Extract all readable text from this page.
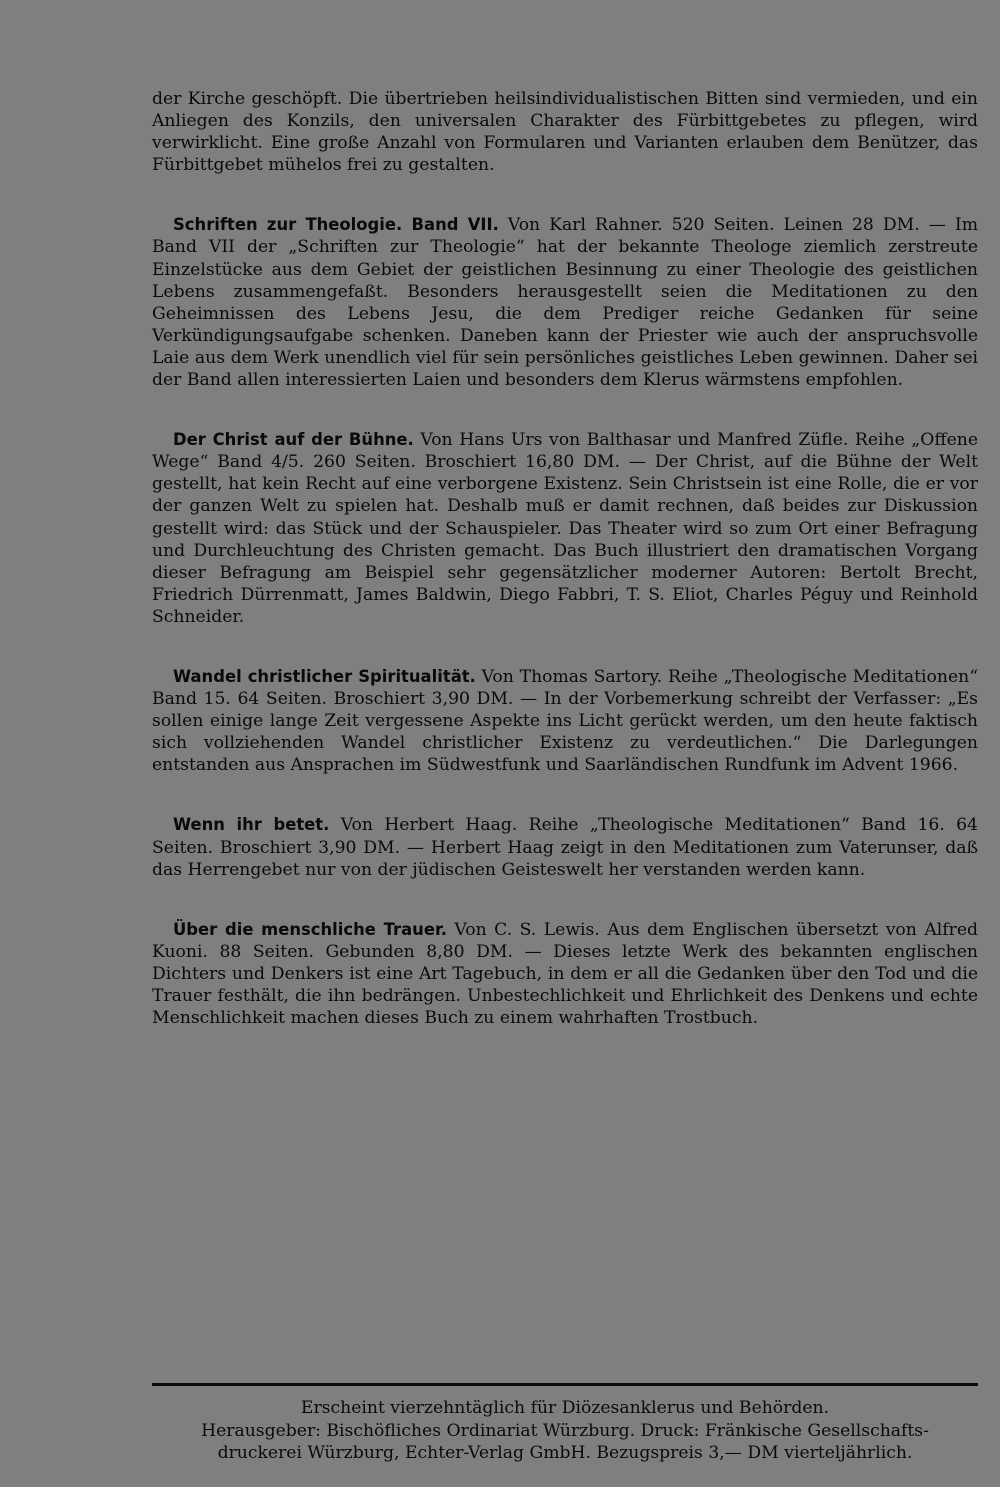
der Kirche geschöpft. Die übertrieben heilsindividualistischen Bitten sind vermieden, und ein Anliegen des Konzils, den universalen Charakter des Fürbittgebetes zu pflegen, wird verwirklicht. Eine große Anzahl von Formularen und Varianten erlauben dem Benützer, das Fürbittgebet mühelos frei zu gestalten.

Schriften zur Theologie. Band VII. Von Karl Rahner. 520 Seiten. Leinen 28 DM. — Im Band VII der „Schriften zur Theologie“ hat der bekannte Theologe ziemlich zerstreute Einzelstücke aus dem Gebiet der geistlichen Besinnung zu einer Theologie des geistlichen Lebens zusammengefaßt. Besonders herausgestellt seien die Meditationen zu den Geheimnissen des Lebens Jesu, die dem Prediger reiche Gedanken für seine Verkündigungsaufgabe schenken. Daneben kann der Priester wie auch der anspruchsvolle Laie aus dem Werk unendlich viel für sein persönliches geistliches Leben gewinnen. Daher sei der Band allen interessierten Laien und besonders dem Klerus wärmstens empfohlen.

Der Christ auf der Bühne. Von Hans Urs von Balthasar und Manfred Züfle. Reihe „Offene Wege“ Band 4/5. 260 Seiten. Broschiert 16,80 DM. — Der Christ, auf die Bühne der Welt gestellt, hat kein Recht auf eine verborgene Existenz. Sein Christsein ist eine Rolle, die er vor der ganzen Welt zu spielen hat. Deshalb muß er damit rechnen, daß beides zur Diskussion gestellt wird: das Stück und der Schauspieler. Das Theater wird so zum Ort einer Befragung und Durchleuchtung des Christen gemacht. Das Buch illustriert den dramatischen Vorgang dieser Befragung am Beispiel sehr gegensätzlicher moderner Autoren: Bertolt Brecht, Friedrich Dürrenmatt, James Baldwin, Diego Fabbri, T. S. Eliot, Charles Péguy und Reinhold Schneider.

Wandel christlicher Spiritualität. Von Thomas Sartory. Reihe „Theologische Meditationen“ Band 15. 64 Seiten. Broschiert 3,90 DM. — In der Vorbemerkung schreibt der Verfasser: „Es sollen einige lange Zeit vergessene Aspekte ins Licht gerückt werden, um den heute faktisch sich vollziehenden Wandel christlicher Existenz zu verdeutlichen.“ Die Darlegungen entstanden aus Ansprachen im Südwestfunk und Saarländischen Rundfunk im Advent 1966.

Wenn ihr betet. Von Herbert Haag. Reihe „Theologische Meditationen“ Band 16. 64 Seiten. Broschiert 3,90 DM. — Herbert Haag zeigt in den Meditationen zum Vaterunser, daß das Herrengebet nur von der jüdischen Geisteswelt her verstanden werden kann.

Über die menschliche Trauer. Von C. S. Lewis. Aus dem Englischen übersetzt von Alfred Kuoni. 88 Seiten. Gebunden 8,80 DM. — Dieses letzte Werk des bekannten englischen Dichters und Denkers ist eine Art Tagebuch, in dem er all die Gedanken über den Tod und die Trauer festhält, die ihn bedrängen. Unbestechlichkeit und Ehrlichkeit des Denkens und echte Menschlichkeit machen dieses Buch zu einem wahrhaften Trostbuch.

Erscheint vierzehntäglich für Diözesanklerus und Behörden.
Herausgeber: Bischöfliches Ordinariat Würzburg. Druck: Fränkische Gesellschafts-
druckerei Würzburg, Echter-Verlag GmbH. Bezugspreis 3,— DM vierteljährlich.
